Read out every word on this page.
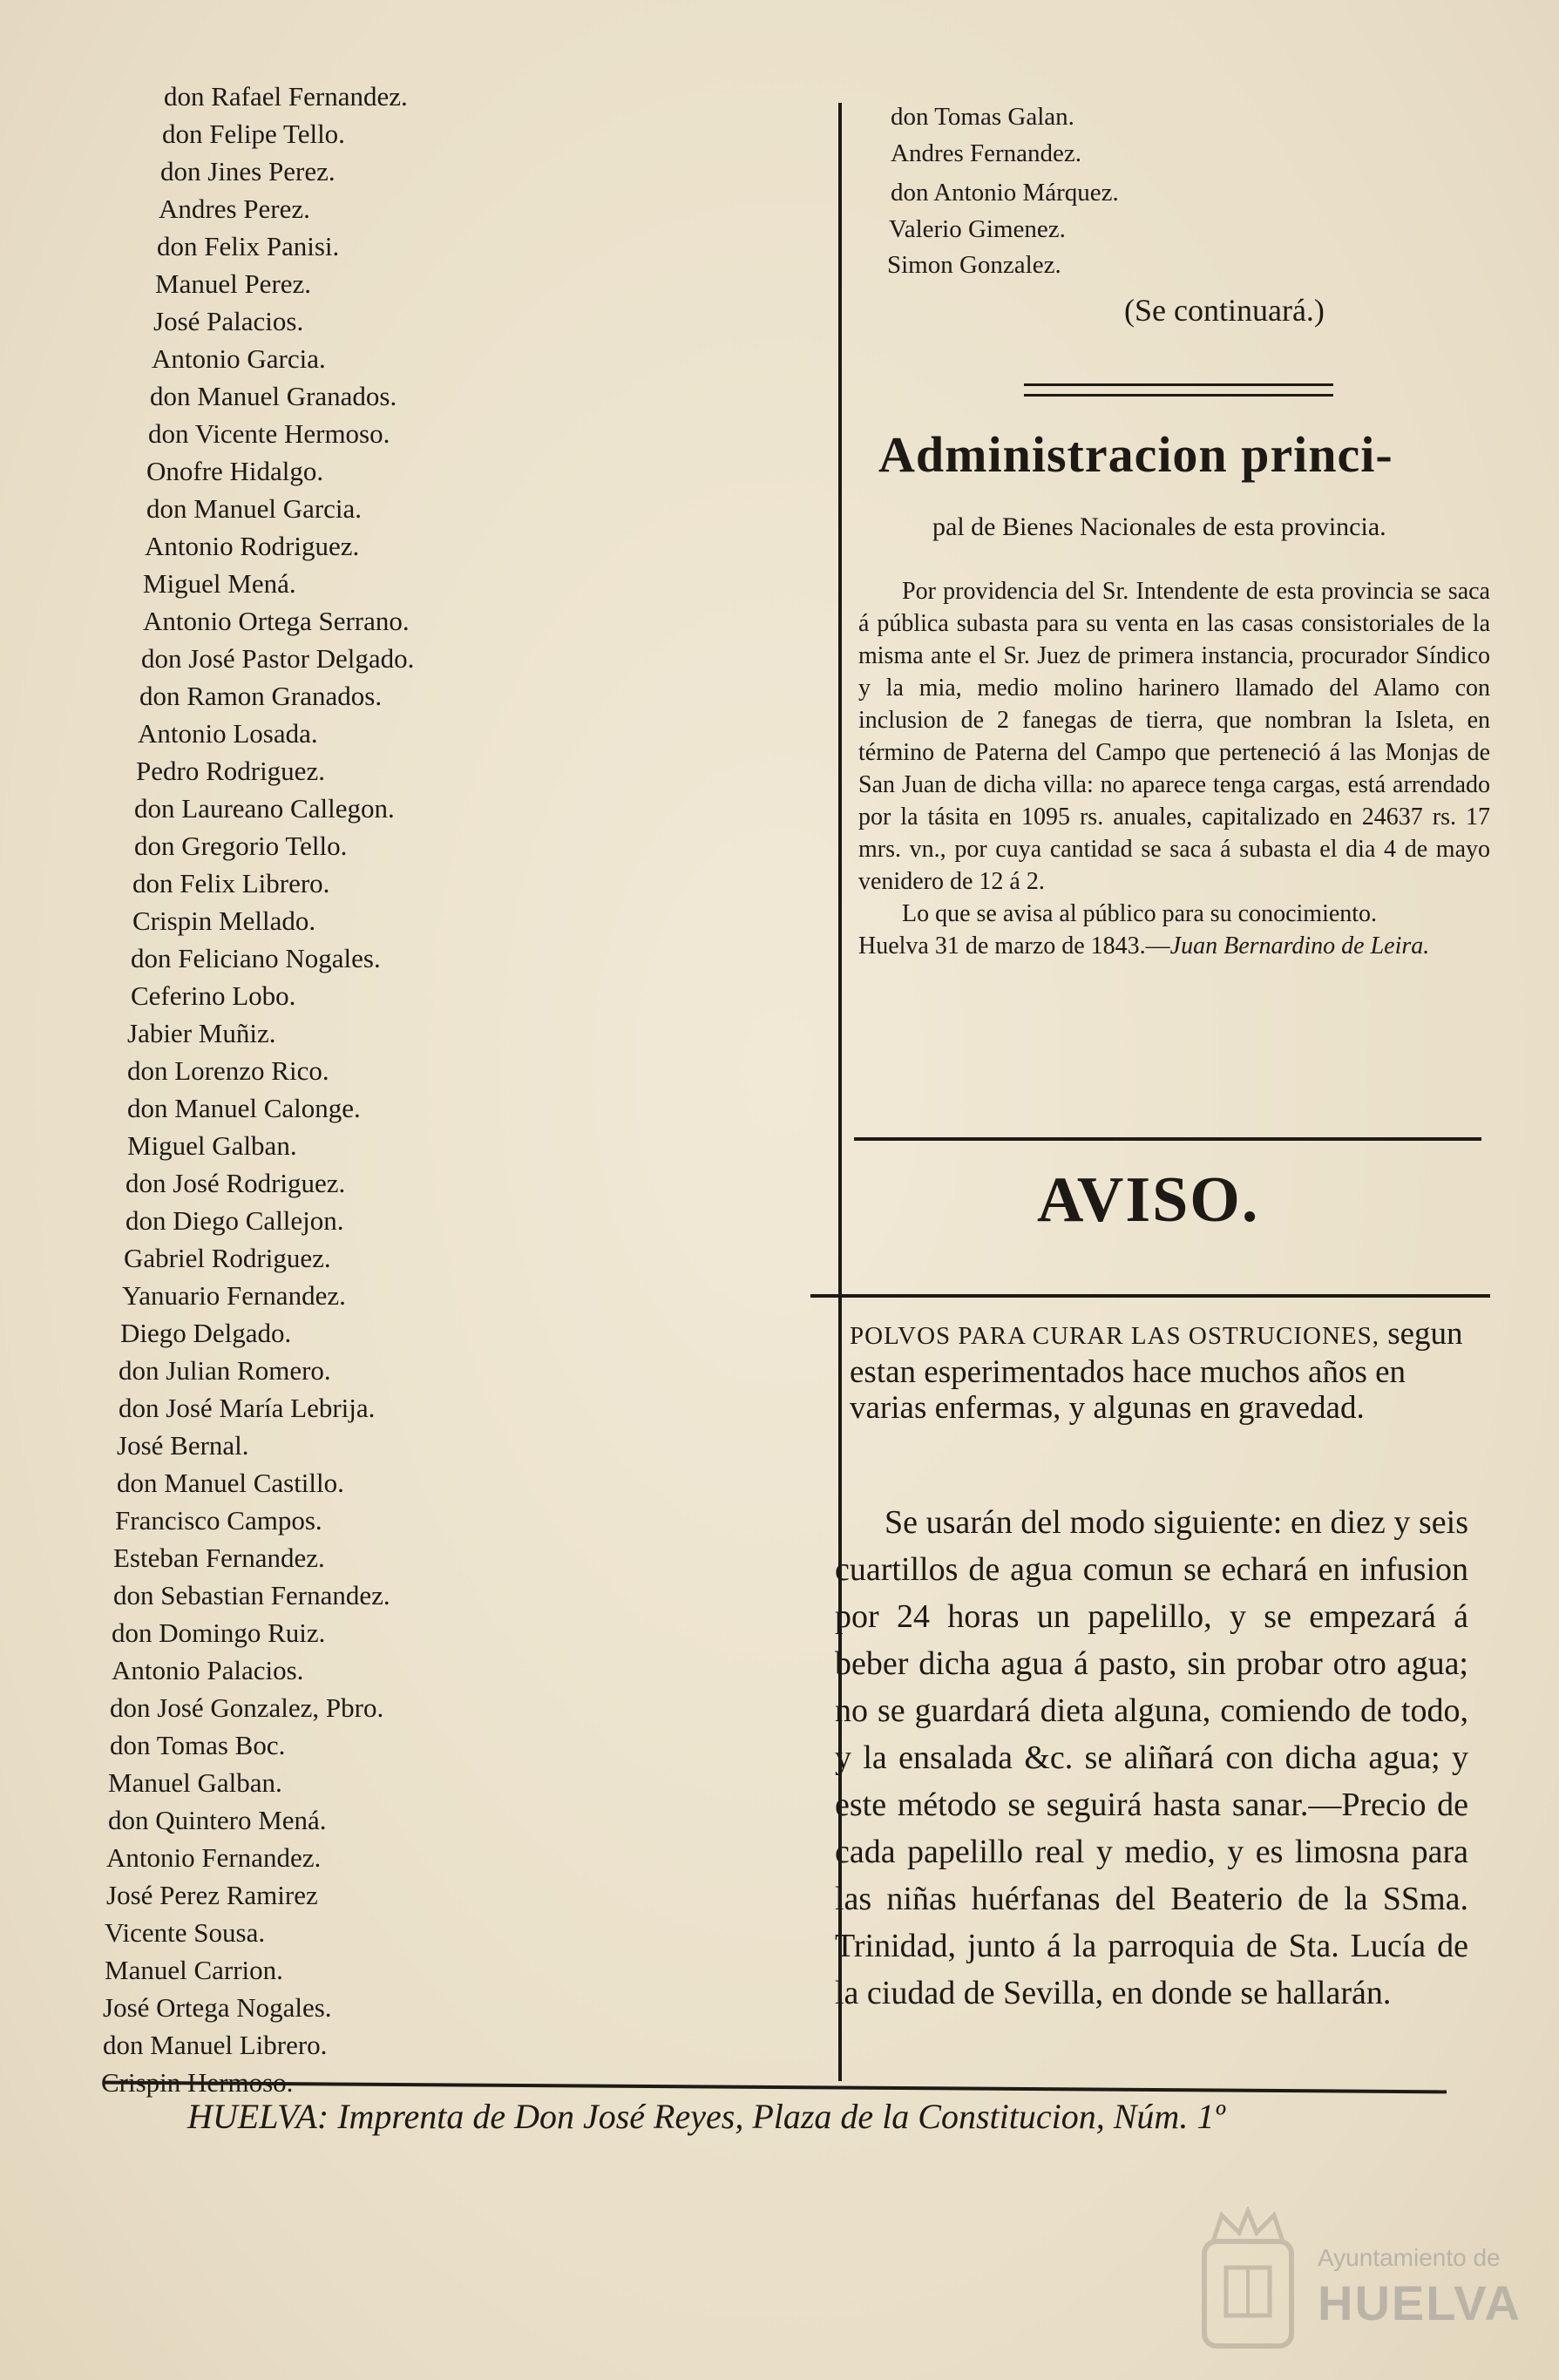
don Rafael Fernandez.
don Felipe Tello.
don Jines Perez.
Andres Perez.
don Felix Panisi.
Manuel Perez.
José Palacios.
Antonio Garcia.
don Manuel Granados.
don Vicente Hermoso.
Onofre Hidalgo.
don Manuel Garcia.
Antonio Rodriguez.
Miguel Mená.
Antonio Ortega Serrano.
don José Pastor Delgado.
don Ramon Granados.
Antonio Losada.
Pedro Rodriguez.
don Laureano Callegon.
don Gregorio Tello.
don Felix Librero.
Crispin Mellado.
don Feliciano Nogales.
Ceferino Lobo.
Jabier Muñiz.
don Lorenzo Rico.
don Manuel Calonge.
Miguel Galban.
don José Rodriguez.
don Diego Callejon.
Gabriel Rodriguez.
Yanuario Fernandez.
Diego Delgado.
don Julian Romero.
don José María Lebrija.
José Bernal.
don Manuel Castillo.
Francisco Campos.
Esteban Fernandez.
don Sebastian Fernandez.
don Domingo Ruiz.
Antonio Palacios.
don José Gonzalez, Pbro.
don Tomas Boc.
Manuel Galban.
don Quintero Mená.
Antonio Fernandez.
José Perez Ramirez
Vicente Sousa.
Manuel Carrion.
José Ortega Nogales.
don Manuel Librero.
Crispin Hermoso.
don Tomas Galan.
Andres Fernandez.
don Antonio Márquez.
Valerio Gimenez.
Simon Gonzalez.
(Se continuará.)
Administracion princi-
pal de Bienes Nacionales de esta provincia.

Por providencia del Sr. Intendente de esta provincia se saca á pública subasta para su venta en las casas consistoriales de la misma ante el Sr. Juez de primera instancia, procurador Síndico y la mia, medio molino harinero llamado del Alamo con inclusion de 2 fanegas de tierra, que nombran la Isleta, en término de Paterna del Campo que perteneció á las Monjas de San Juan de dicha villa: no aparece tenga cargas, está arrendado por la tásita en 1095 rs. anuales, capitalizado en 24637 rs. 17 mrs. vn., por cuya cantidad se saca á subasta el dia 4 de mayo venidero de 12 á 2.

Lo que se avisa al público para su conocimiento.

Huelva 31 de marzo de 1843.—Juan Bernardino de Leira.

AVISO.

POLVOS PARA CURAR LAS OSTRUCIONES, segun estan esperimentados hace muchos años en varias enfermas, y algunas en gravedad.

Se usarán del modo siguiente: en diez y seis cuartillos de agua comun se echará en infusion por 24 horas un papelillo, y se empezará á beber dicha agua á pasto, sin probar otro agua; no se guardará dieta alguna, comiendo de todo, y la ensalada &c. se aliñará con dicha agua; y este método se seguirá hasta sanar.—Precio de cada papelillo real y medio, y es limosna para las niñas huérfanas del Beaterio de la SSma. Trinidad, junto á la parroquia de Sta. Lucía de la ciudad de Sevilla, en donde se hallarán.

HUELVA: Imprenta de Don José Reyes, Plaza de la Constitucion, Núm. 1º
Ayuntamiento de
HUELVA
